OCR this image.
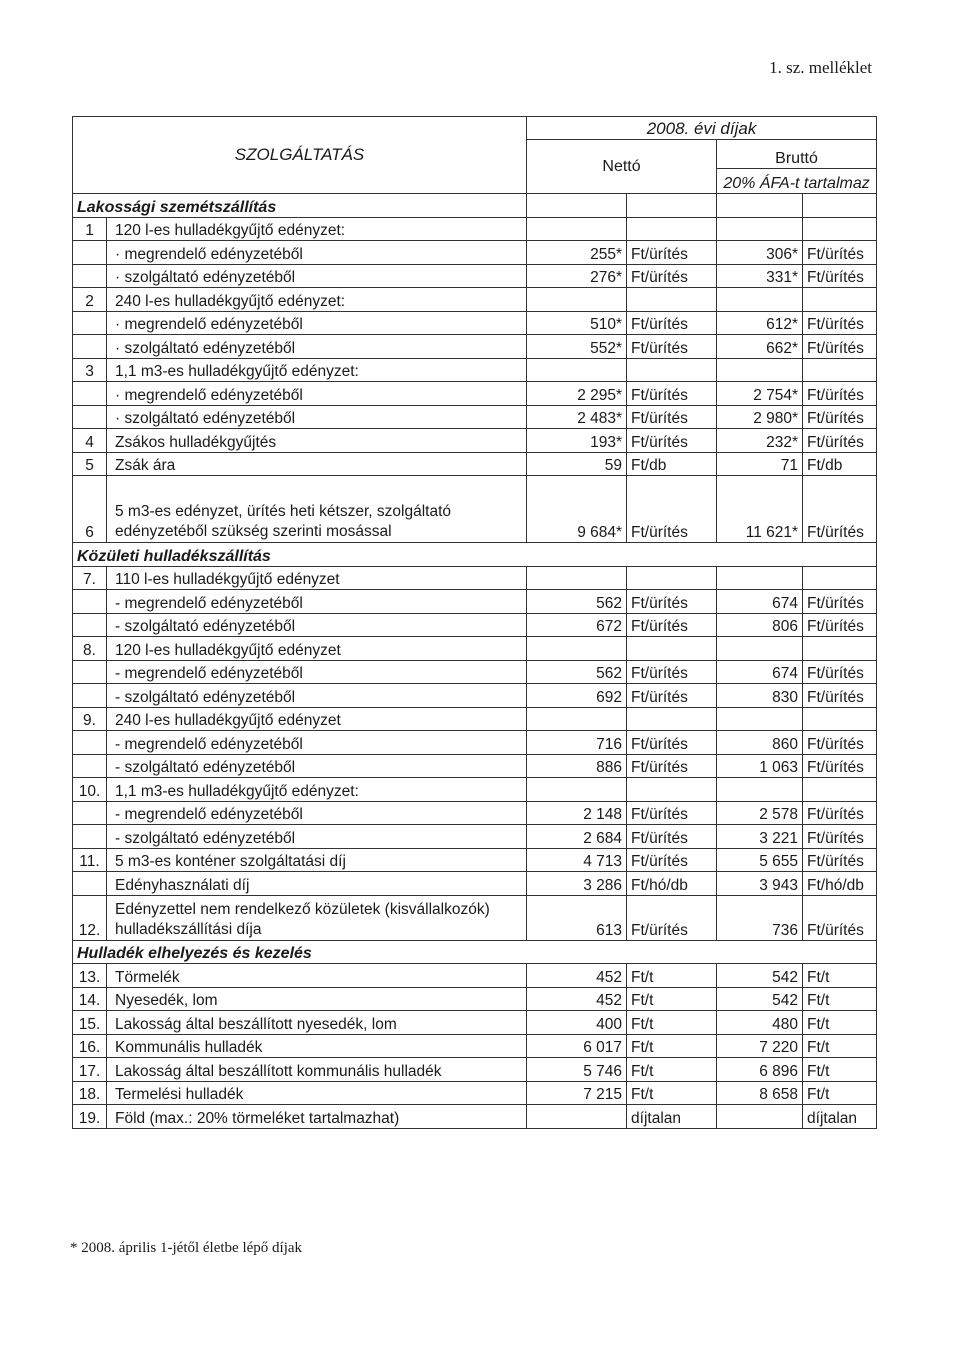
1. sz. melléklet
SZOLGÁLTATÁS		2008. évi díjak			
		Nettó		Bruttó	
				20% ÁFA-t tartalmaz	
Lakossági szemétszállítás					
1	120 l-es hulladékgyűjtő edényzet:				
	· megrendelő edényzetéből	255*	Ft/ürítés	306*	Ft/ürítés
	· szolgáltató edényzetéből	276*	Ft/ürítés	331*	Ft/ürítés
2	240 l-es hulladékgyűjtő edényzet:				
	· megrendelő edényzetéből	510*	Ft/ürítés	612*	Ft/ürítés
	· szolgáltató edényzetéből	552*	Ft/ürítés	662*	Ft/ürítés
3	1,1 m3-es hulladékgyűjtő edényzet:				
	· megrendelő edényzetéből	2 295*	Ft/ürítés	2 754*	Ft/ürítés
	· szolgáltató edényzetéből	2 483*	Ft/ürítés	2 980*	Ft/ürítés
4	Zsákos hulladékgyűjtés	193*	Ft/ürítés	232*	Ft/ürítés
5	Zsák ára	59	Ft/db	71	Ft/db
6	5 m3-es edényzet, ürítés heti kétszer, szolgáltató edényzetéből szükség szerinti mosással	9 684*	Ft/ürítés	11 621*	Ft/ürítés
Közületi hulladékszállítás					
7.	110 l-es hulladékgyűjtő edényzet				
	- megrendelő edényzetéből	562	Ft/ürítés	674	Ft/ürítés
	- szolgáltató edényzetéből	672	Ft/ürítés	806	Ft/ürítés
8.	120 l-es hulladékgyűjtő edényzet				
	- megrendelő edényzetéből	562	Ft/ürítés	674	Ft/ürítés
	- szolgáltató edényzetéből	692	Ft/ürítés	830	Ft/ürítés
9.	240 l-es hulladékgyűjtő edényzet				
	- megrendelő edényzetéből	716	Ft/ürítés	860	Ft/ürítés
	- szolgáltató edényzetéből	886	Ft/ürítés	1 063	Ft/ürítés
10.	1,1 m3-es hulladékgyűjtő edényzet:				
	- megrendelő edényzetéből	2 148	Ft/ürítés	2 578	Ft/ürítés
	- szolgáltató edényzetéből	2 684	Ft/ürítés	3 221	Ft/ürítés
11.	5 m3-es konténer szolgáltatási díj	4 713	Ft/ürítés	5 655	Ft/ürítés
	Edényhasználati díj	3 286	Ft/hó/db	3 943	Ft/hó/db
12.	Edényzettel nem rendelkező közületek (kisvállalkozók) hulladékszállítási díja	613	Ft/ürítés	736	Ft/ürítés
Hulladék elhelyezés és kezelés					
13.	Törmelék	452	Ft/t	542	Ft/t
14.	Nyesedék, lom	452	Ft/t	542	Ft/t
15.	Lakosság által beszállított nyesedék, lom	400	Ft/t	480	Ft/t
16.	Kommunális hulladék	6 017	Ft/t	7 220	Ft/t
17.	Lakosság által beszállított kommunális hulladék	5 746	Ft/t	6 896	Ft/t
18.	Termelési hulladék	7 215	Ft/t	8 658	Ft/t
19.	Föld (max.: 20% törmeléket tartalmazhat)		díjtalan		díjtalan
* 2008. április 1-jétől életbe lépő díjak
